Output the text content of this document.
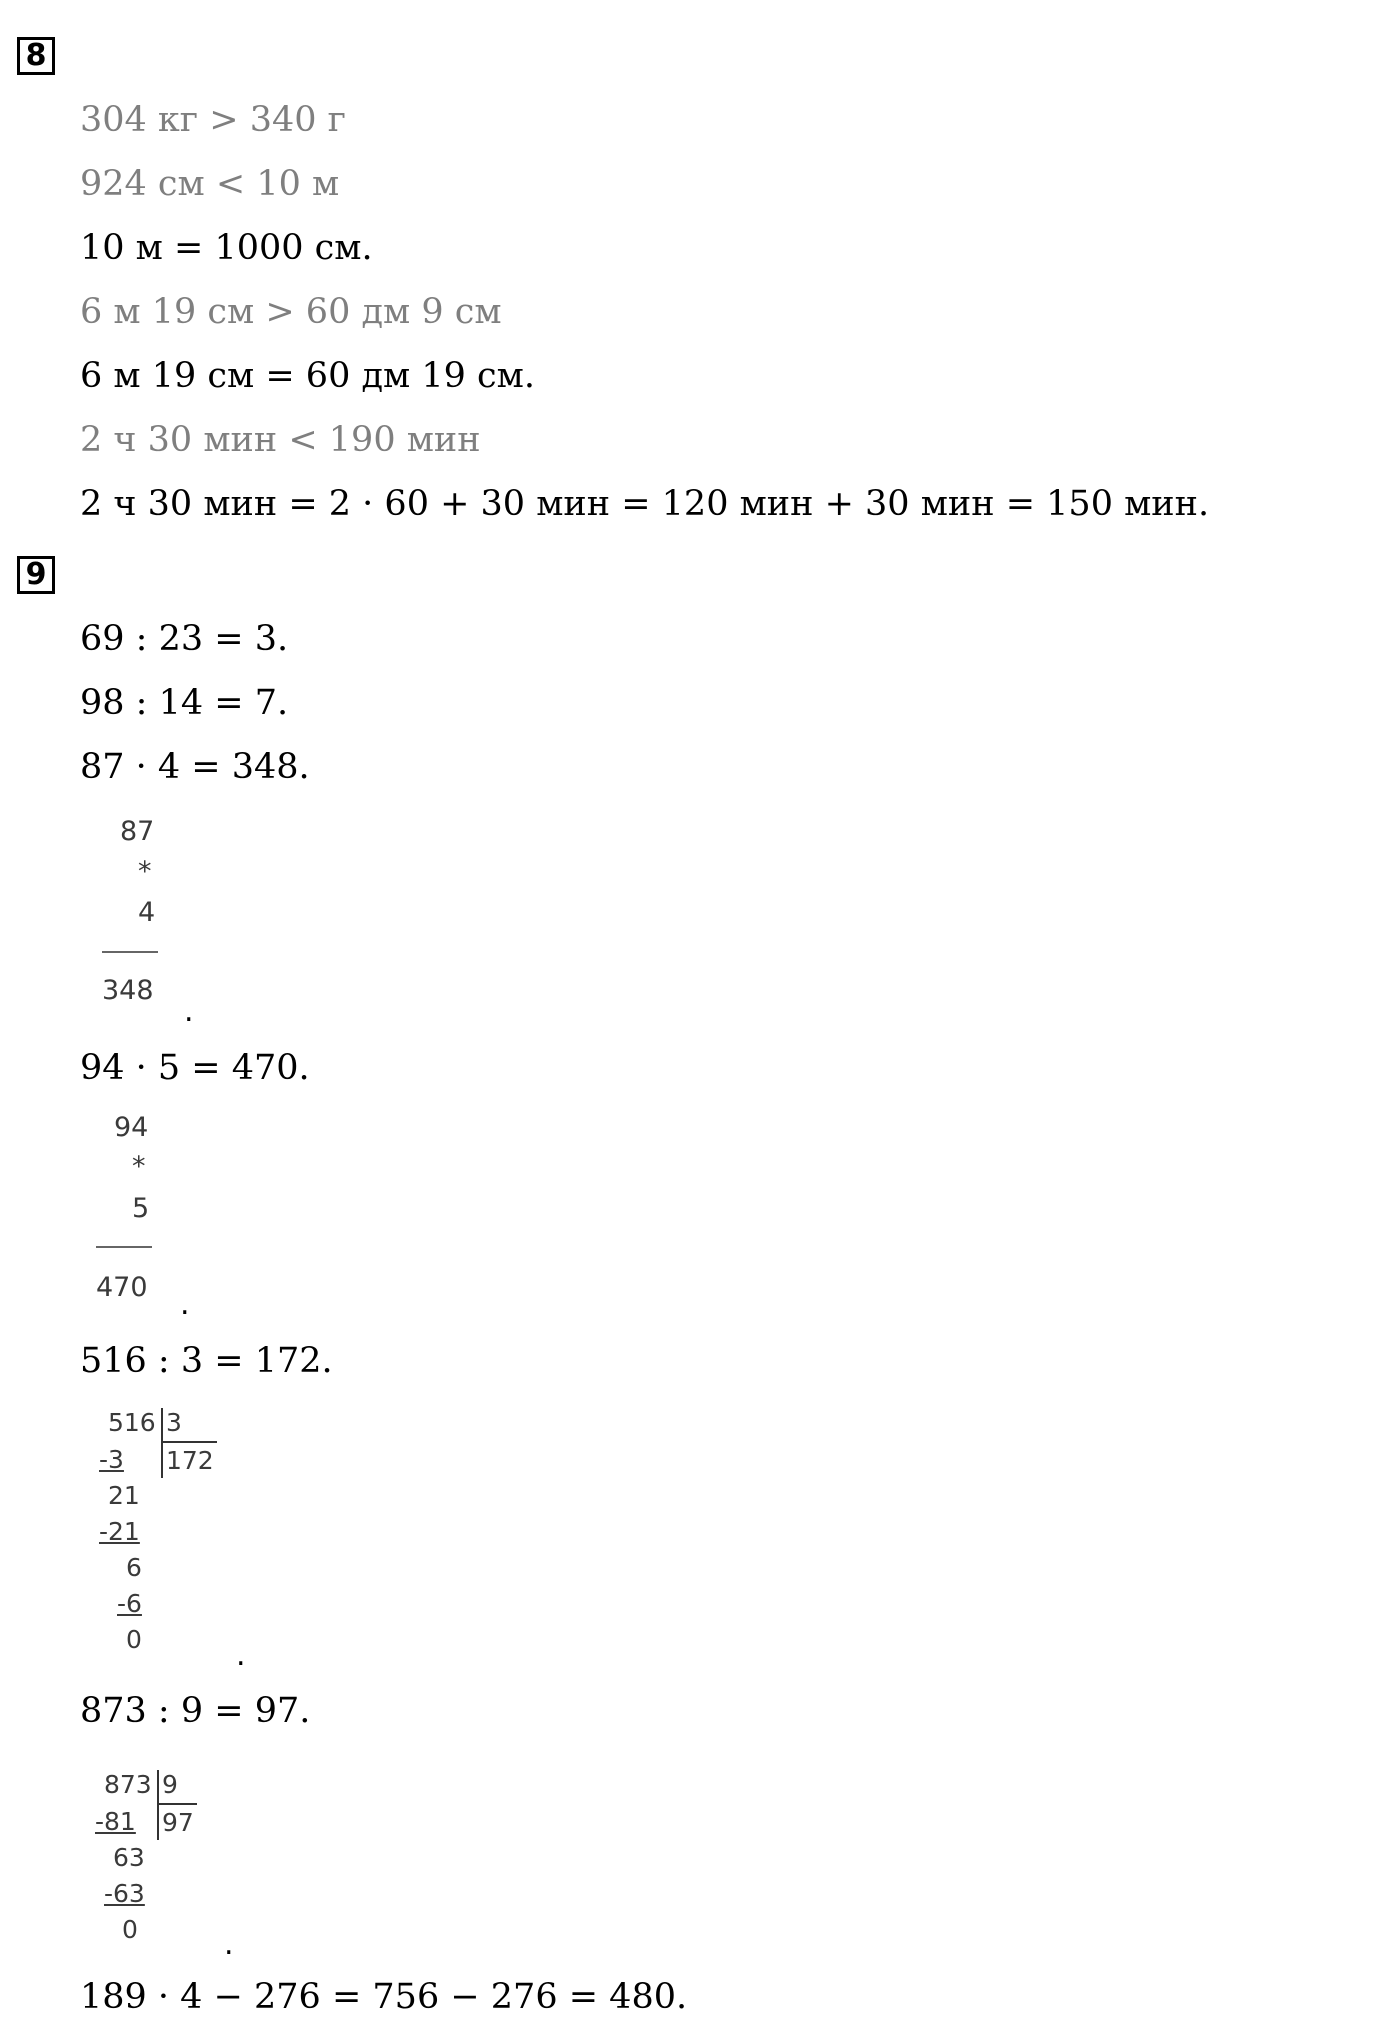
8
304 кг > 340 г
924 см < 10 м
10 м = 1000 см.
6 м 19 см > 60 дм 9 см
6 м 19 см = 60 дм 19 см.
2 ч 30 мин < 190 мин
2 ч 30 мин = 2 · 60 + 30 мин = 120 мин + 30 мин = 150 мин.
9
69 : 23 = 3.
98 : 14 = 7.
87 · 4 = 348.
87
*
4
348
.
94 · 5 = 470.
94
*
5
470 .
516 : 3 = 172.
516 3
172
-3
21
-21
6
-6
0	.
873 : 9 = 97.
873 9
97
-81
63
-63
0	.
189 · 4 − 276 = 756 − 276 = 480.
